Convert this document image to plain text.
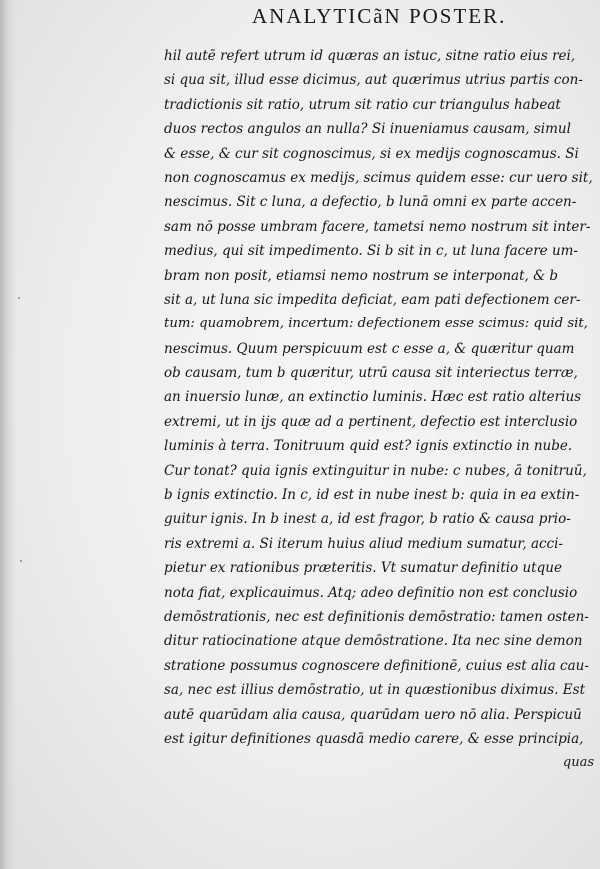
ANALYTICãN POSTER.
hil autē refert utrum id quæras an istuc, sitne ratio eius rei,
si qua sit, illud esse dicimus, aut quærimus utrius partis con-
tradictionis sit ratio, utrum sit ratio cur triangulus habeat
duos rectos angulos an nulla? Si inueniamus causam, simul
& esse, & cur sit cognoscimus, si ex medijs cognoscamus. Si
non cognoscamus ex medijs, scimus quidem esse: cur uero sit,
nescimus. Sit c luna, a defectio, b lunā omni ex parte accen-
sam nō posse umbram facere, tametsi nemo nostrum sit inter-
medius, qui sit impedimento. Si b sit in c, ut luna facere um-
bram non posit, etiamsi nemo nostrum se interponat, & b
sit a, ut luna sic impedita deficiat, eam pati defectionem cer-
tum: quamobrem, incertum: defectionem esse scimus: quid sit,
nescimus. Quum perspicuum est c esse a, & quæritur quam
ob causam, tum b quæritur, utrū causa sit interiectus terræ,
an inuersio lunæ, an extinctio luminis. Hæc est ratio alterius
extremi, ut in ijs quæ ad a pertinent, defectio est interclusio
luminis à terra. Tonitruum quid est? ignis extinctio in nube.
Cur tonat? quia ignis extinguitur in nube: c nubes, ā tonitruū,
b ignis extinctio. In c, id est in nube inest b: quia in ea extin-
guitur ignis. In b inest a, id est fragor, b ratio & causa prio-
ris extremi a. Si iterum huius aliud medium sumatur, acci-
pietur ex rationibus præteritis. Vt sumatur definitio utque
nota fiat, explicauimus. Atq; adeo definitio non est conclusio
demōstrationis, nec est definitionis demōstratio: tamen osten-
ditur ratiocinatione atque demōstratione. Ita nec sine demon
stratione possumus cognoscere definitionē, cuius est alia cau-
sa, nec est illius demōstratio, ut in quæstionibus diximus. Est
autē quarūdam alia causa, quarūdam uero nō alia. Perspicuū
est igitur definitiones quasdā medio carere, & esse principia,
quas
